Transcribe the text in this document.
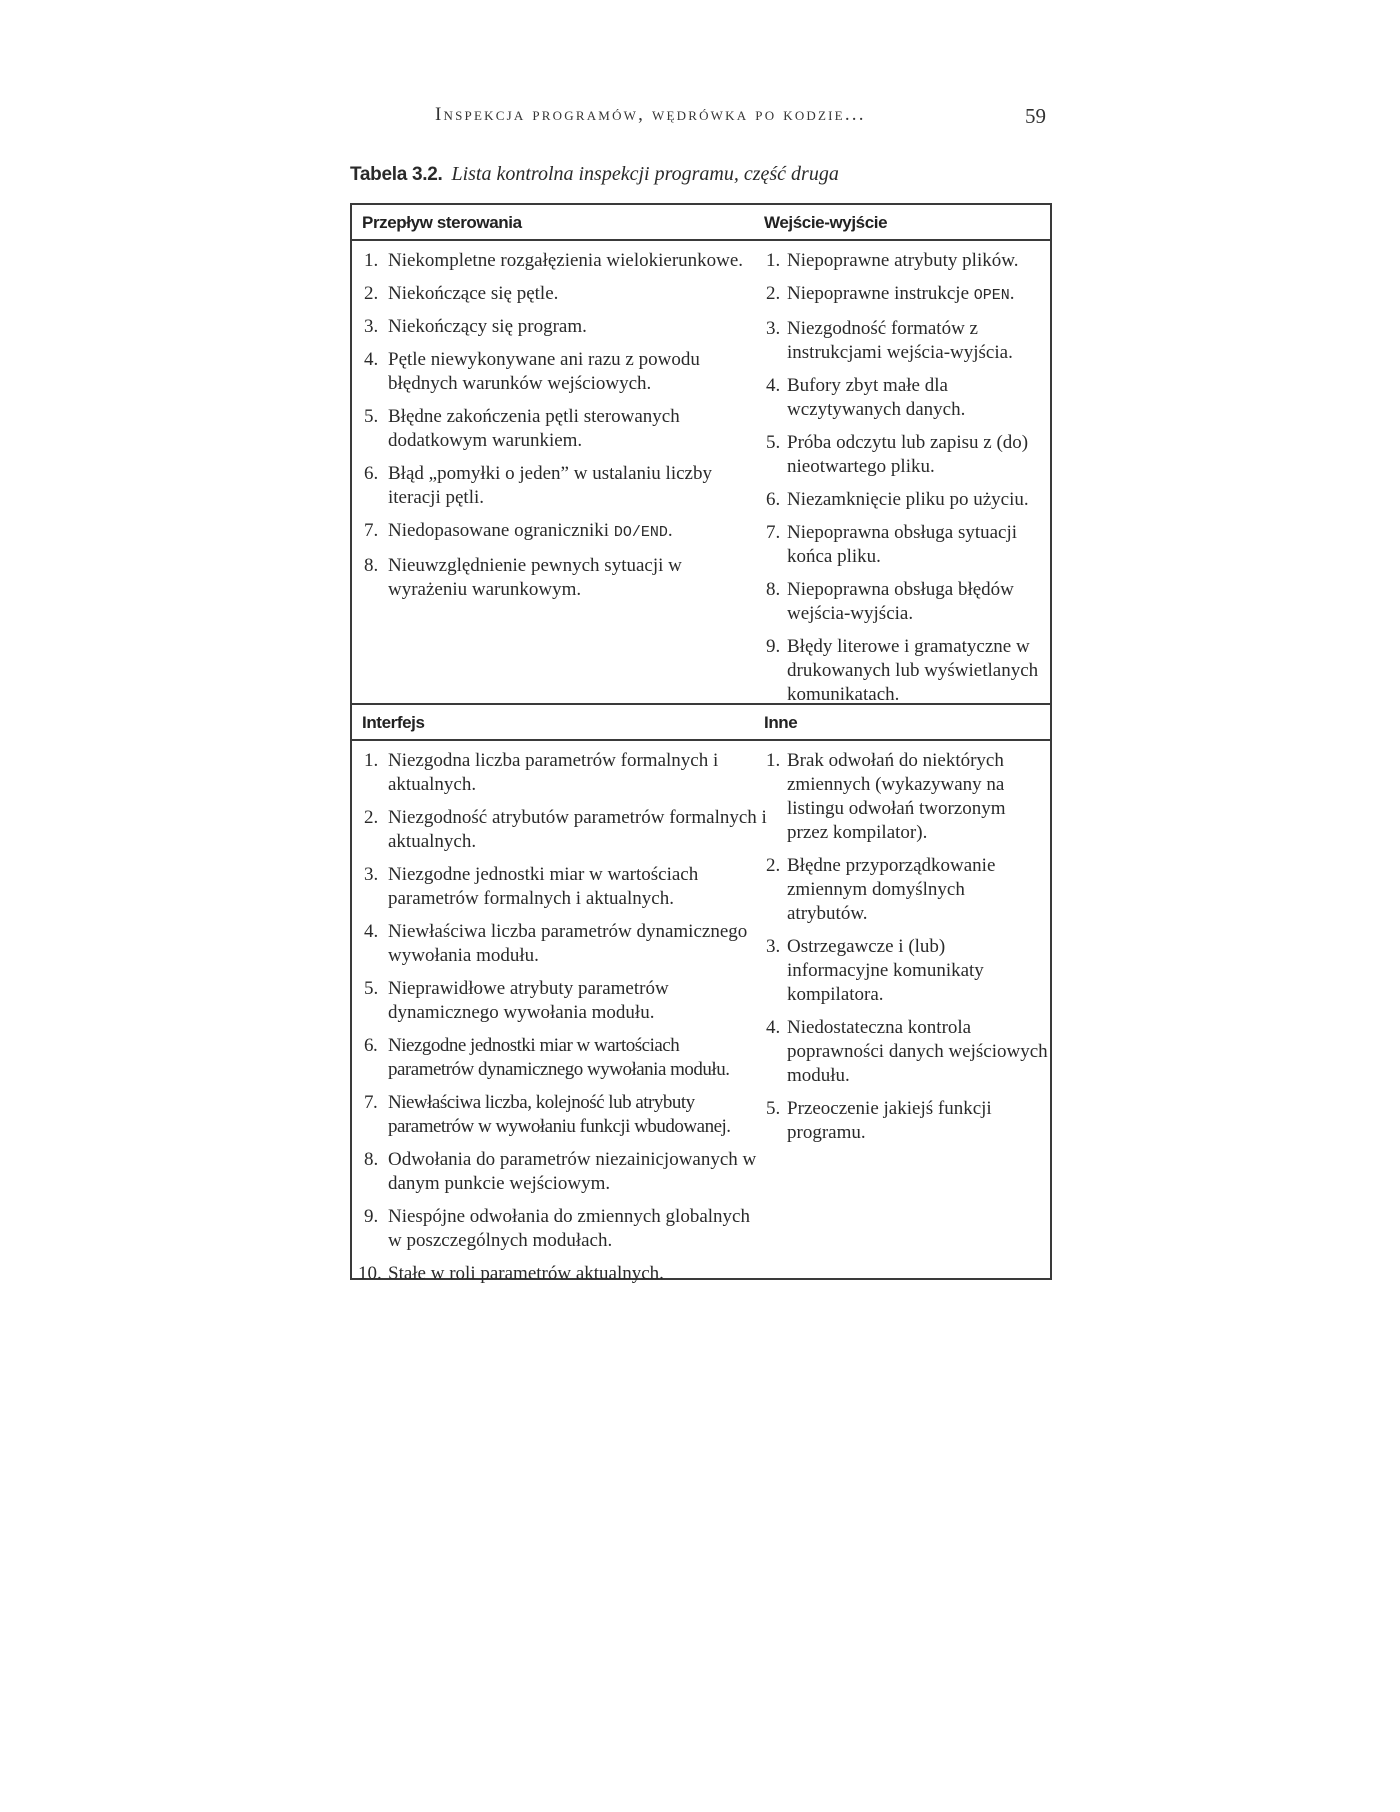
Inspekcja programów, wędrówka po kodzie...	59
Tabela 3.2. Lista kontrolna inspekcji programu, część druga
Przepływ sterowania	Wejście-wyjście
1. Niekompletne rozgałęzienia wielokierunkowe.
2. Niekończące się pętle.
3. Niekończący się program.
4. Pętle niewykonywane ani razu z powodu błędnych warunków wejściowych.
5. Błędne zakończenia pętli sterowanych dodatkowym warunkiem.
6. Błąd „pomyłki o jeden” w ustalaniu liczby iteracji pętli.
7. Niedopasowane ograniczniki DO/END.
8. Nieuwzględnienie pewnych sytuacji w wyrażeniu warunkowym.
1. Niepoprawne atrybuty plików.
2. Niepoprawne instrukcje OPEN.
3. Niezgodność formatów z instrukcjami wejścia-wyjścia.
4. Bufory zbyt małe dla wczytywanych danych.
5. Próba odczytu lub zapisu z (do) nieotwartego pliku.
6. Niezamknięcie pliku po użyciu.
7. Niepoprawna obsługa sytuacji końca pliku.
8. Niepoprawna obsługa błędów wejścia-wyjścia.
9. Błędy literowe i gramatyczne w drukowanych lub wyświetlanych komunikatach.
Interfejs	Inne
1. Niezgodna liczba parametrów formalnych i aktualnych.
2. Niezgodność atrybutów parametrów formalnych i aktualnych.
3. Niezgodne jednostki miar w wartościach parametrów formalnych i aktualnych.
4. Niewłaściwa liczba parametrów dynamicznego wywołania modułu.
5. Nieprawidłowe atrybuty parametrów dynamicznego wywołania modułu.
6. Niezgodne jednostki miar w wartościach parametrów dynamicznego wywołania modułu.
7. Niewłaściwa liczba, kolejność lub atrybuty parametrów w wywołaniu funkcji wbudowanej.
8. Odwołania do parametrów niezainicjowanych w danym punkcie wejściowym.
9. Niespójne odwołania do zmiennych globalnych w poszczególnych modułach.
10. Stałe w roli parametrów aktualnych.
1. Brak odwołań do niektórych zmiennych (wykazywany na listingu odwołań tworzonym przez kompilator).
2. Błędne przyporządkowanie zmiennym domyślnych atrybutów.
3. Ostrzegawcze i (lub) informacyjne komunikaty kompilatora.
4. Niedostateczna kontrola poprawności danych wejściowych modułu.
5. Przeoczenie jakiejś funkcji programu.
